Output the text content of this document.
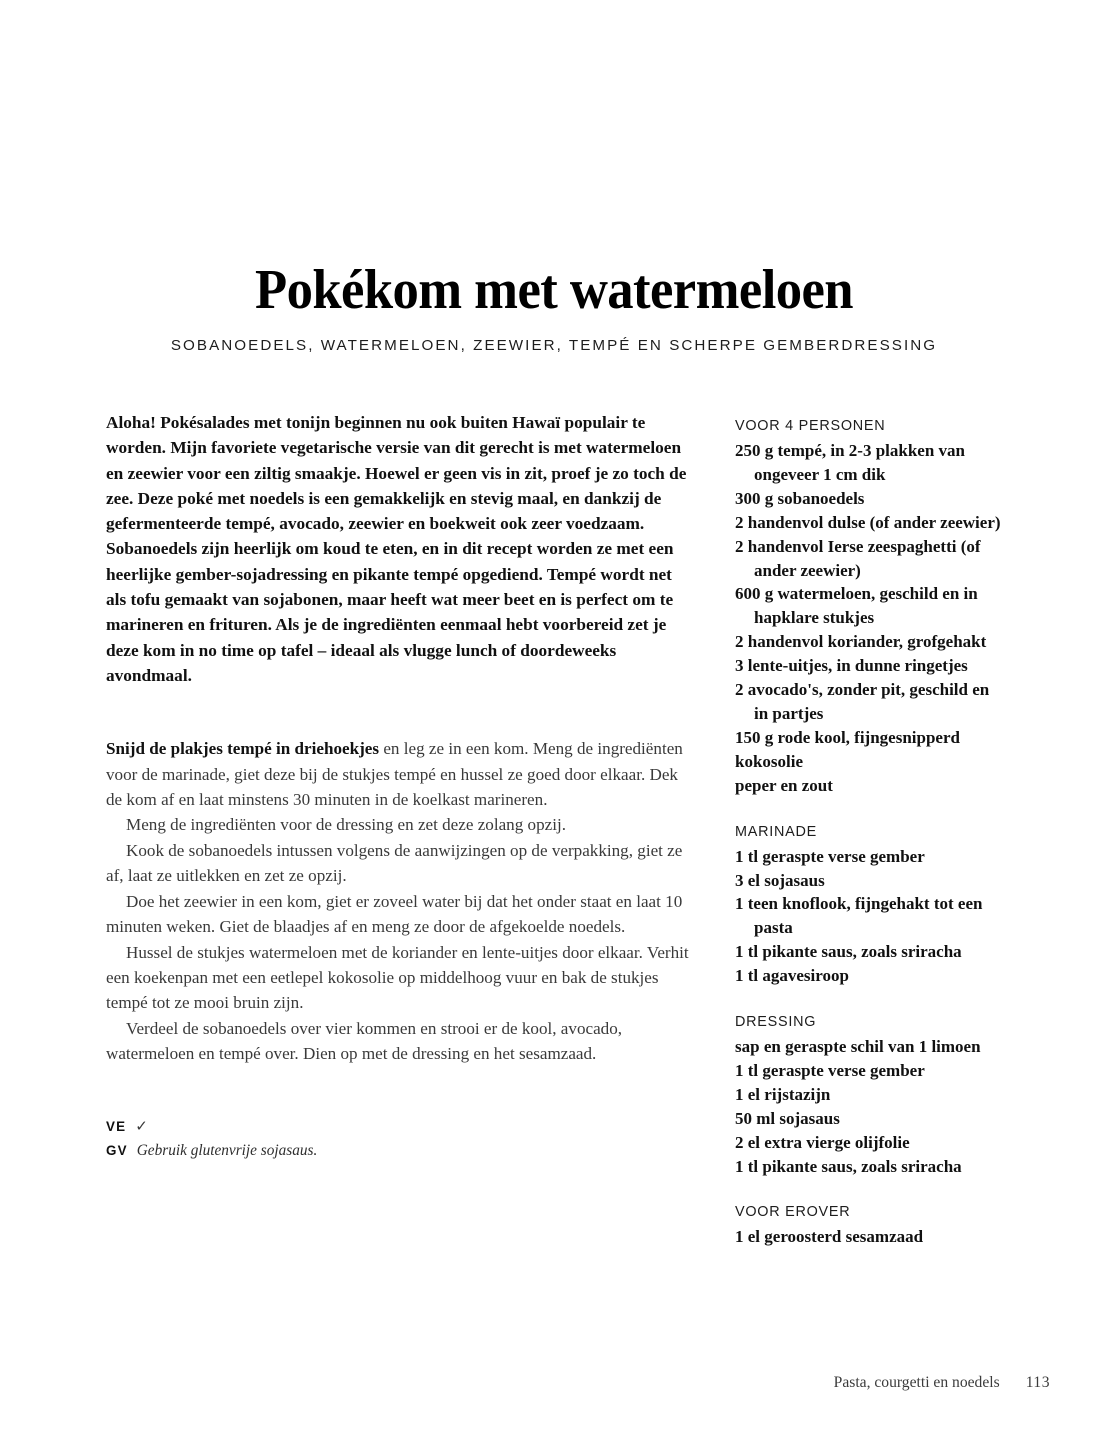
Pokékom met watermeloen
SOBANOEDELS, WATERMELOEN, ZEEWIER, TEMPÉ EN SCHERPE GEMBERDRESSING

Aloha! Pokésalades met tonijn beginnen nu ook buiten Hawaï populair te worden. Mijn favoriete vegetarische versie van dit gerecht is met watermeloen en zeewier voor een ziltig smaakje. Hoewel er geen vis in zit, proef je zo toch de zee. Deze poké met noedels is een gemakkelijk en stevig maal, en dankzij de gefermenteerde tempé, avocado, zeewier en boekweit ook zeer voedzaam. Sobanoedels zijn heerlijk om koud te eten, en in dit recept worden ze met een heerlijke gember-sojadressing en pikante tempé opgediend. Tempé wordt net als tofu gemaakt van sojabonen, maar heeft wat meer beet en is perfect om te marineren en frituren. Als je de ingrediënten eenmaal hebt voorbereid zet je deze kom in no time op tafel – ideaal als vlugge lunch of doordeweeks avondmaal.

Snijd de plakjes tempé in driehoekjes en leg ze in een kom. Meng de ingrediënten voor de marinade, giet deze bij de stukjes tempé en hussel ze goed door elkaar. Dek de kom af en laat minstens 30 minuten in de koelkast marineren.

Meng de ingrediënten voor de dressing en zet deze zolang opzij.

Kook de sobanoedels intussen volgens de aanwijzingen op de verpakking, giet ze af, laat ze uitlekken en zet ze opzij.

Doe het zeewier in een kom, giet er zoveel water bij dat het onder staat en laat 10 minuten weken. Giet de blaadjes af en meng ze door de afgekoelde noedels.

Hussel de stukjes watermeloen met de koriander en lente-uitjes door elkaar. Verhit een koekenpan met een eetlepel kokosolie op middelhoog vuur en bak de stukjes tempé tot ze mooi bruin zijn.

Verdeel de sobanoedels over vier kommen en strooi er de kool, avocado, watermeloen en tempé over. Dien op met de dressing en het sesamzaad.

VE ✓
GV Gebruik glutenvrije sojasaus.
VOOR 4 PERSONEN
250 g tempé, in 2-3 plakken van ongeveer 1 cm dik
300 g sobanoedels
2 handenvol dulse (of ander zeewier)
2 handenvol Ierse zeespaghetti (of ander zeewier)
600 g watermeloen, geschild en in hapklare stukjes
2 handenvol koriander, grofgehakt
3 lente-uitjes, in dunne ringetjes
2 avocado's, zonder pit, geschild en in partjes
150 g rode kool, fijngesnipperd
kokosolie
peper en zout
MARINADE
1 tl geraspte verse gember
3 el sojasaus
1 teen knoflook, fijngehakt tot een pasta
1 tl pikante saus, zoals sriracha
1 tl agavesiroop
DRESSING
sap en geraspte schil van 1 limoen
1 tl geraspte verse gember
1 el rijstazijn
50 ml sojasaus
2 el extra vierge olijfolie
1 tl pikante saus, zoals sriracha
VOOR EROVER
1 el geroosterd sesamzaad
Pasta, courgetti en noedels 113
